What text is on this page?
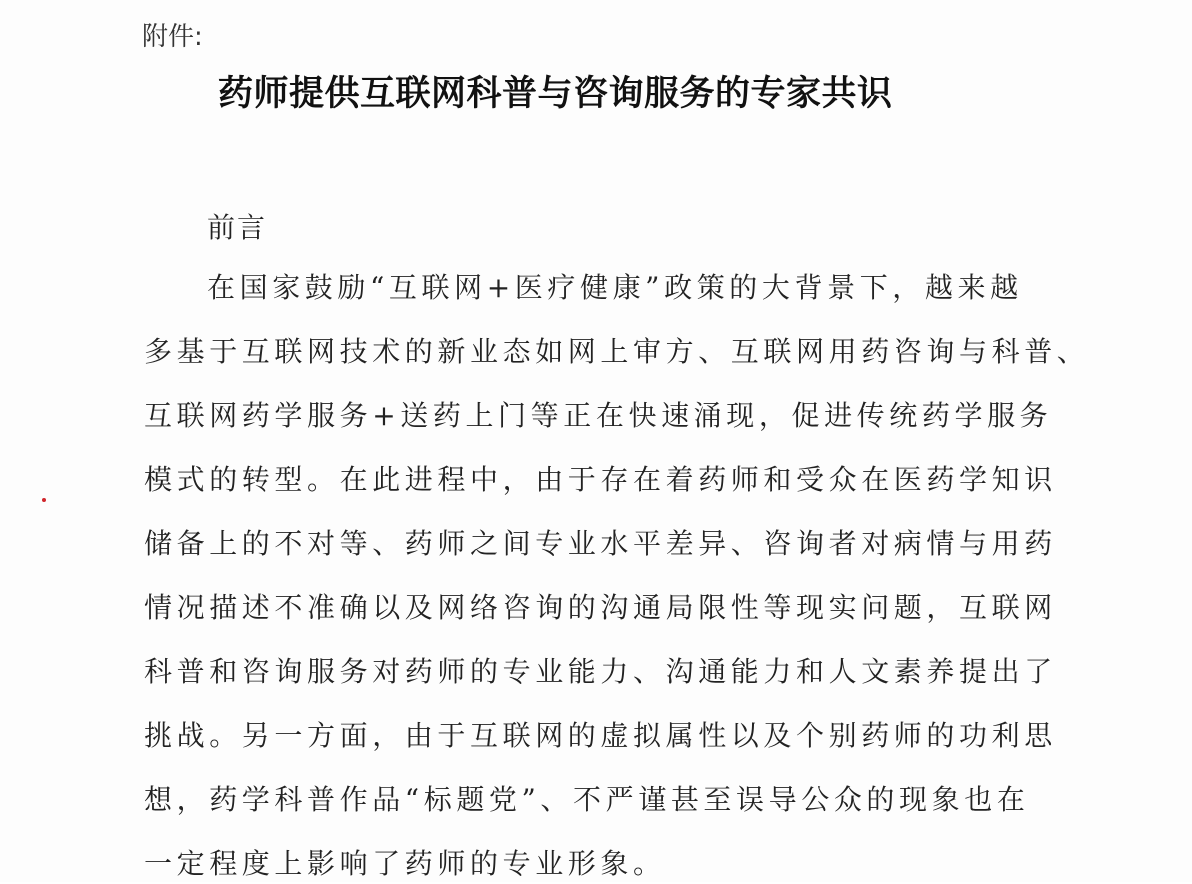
附件:
药师提供互联网科普与咨询服务的专家共识
前言
在国家鼓励“互联网+医疗健康”政策的大背景下，越来越
多基于互联网技术的新业态如网上审方、互联网用药咨询与科普、
互联网药学服务+送药上门等正在快速涌现，促进传统药学服务
模式的转型。在此进程中，由于存在着药师和受众在医药学知识
储备上的不对等、药师之间专业水平差异、咨询者对病情与用药
情况描述不准确以及网络咨询的沟通局限性等现实问题，互联网
科普和咨询服务对药师的专业能力、沟通能力和人文素养提出了
挑战。另一方面，由于互联网的虚拟属性以及个别药师的功利思
想，药学科普作品“标题党”、不严谨甚至误导公众的现象也在
一定程度上影响了药师的专业形象。
